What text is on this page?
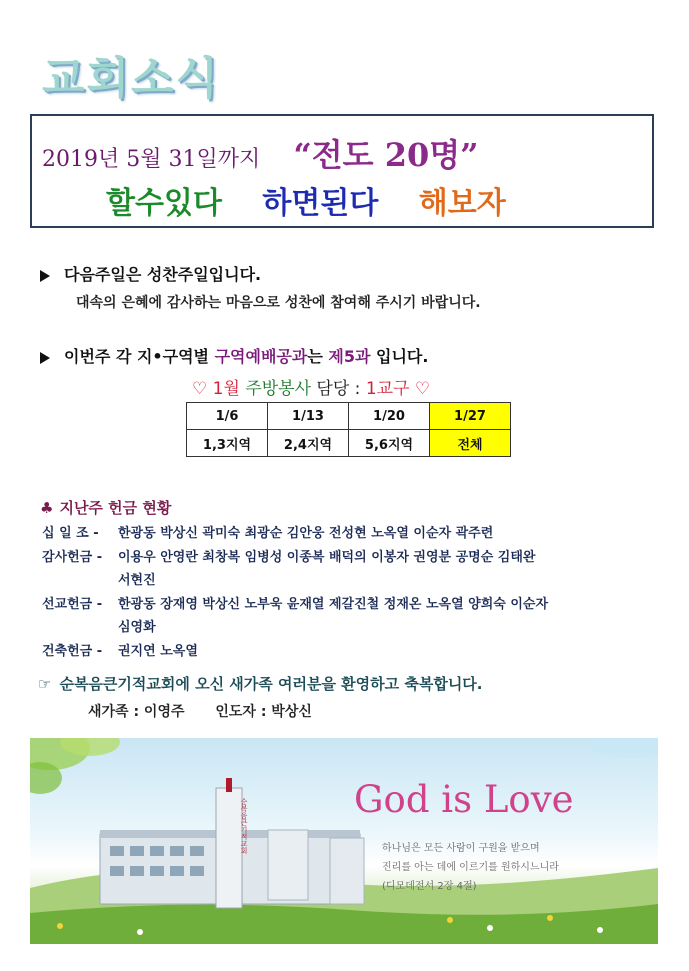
교회소식
2019년 5월 31일까지 “전도 20명”
할수있다 하면된다 해보자
다음주일은 성찬주일입니다.
대속의 은혜에 감사하는 마음으로 성찬에 참여해 주시기 바랍니다.
이번주 각 지•구역별 구역예배공과는 제5과 입니다.
♡ 1월 주방봉사 담당 : 1교구 ♡
1/6	1/13	1/20	1/27
1,3지역	2,4지역	5,6지역	전체
♣ 지난주 헌금 현황
십 일 조 - 한광동 박상신 곽미숙 최광순 김안웅 전성현 노옥열 이순자 곽주련
감사헌금 - 이용우 안영란 최창복 임병성 이종복 배덕의 이봉자 권영분 공명순 김태완
서현진
선교헌금 - 한광동 장재영 박상신 노부욱 윤재열 제갈진철 정재온 노옥열 양희숙 이순자
심영화
건축헌금 - 권지연 노옥열
☞ 순복음큰기적교회에 오신 새가족 여러분을 환영하고 축복합니다.
새가족 : 이영주 인도자 : 박상신
순복음큰기적교회	God is Love
하나님은 모든 사람이 구원을 받으며
진리를 아는 데에 이르기를 원하시느니라
(디모데전서 2장 4절)
